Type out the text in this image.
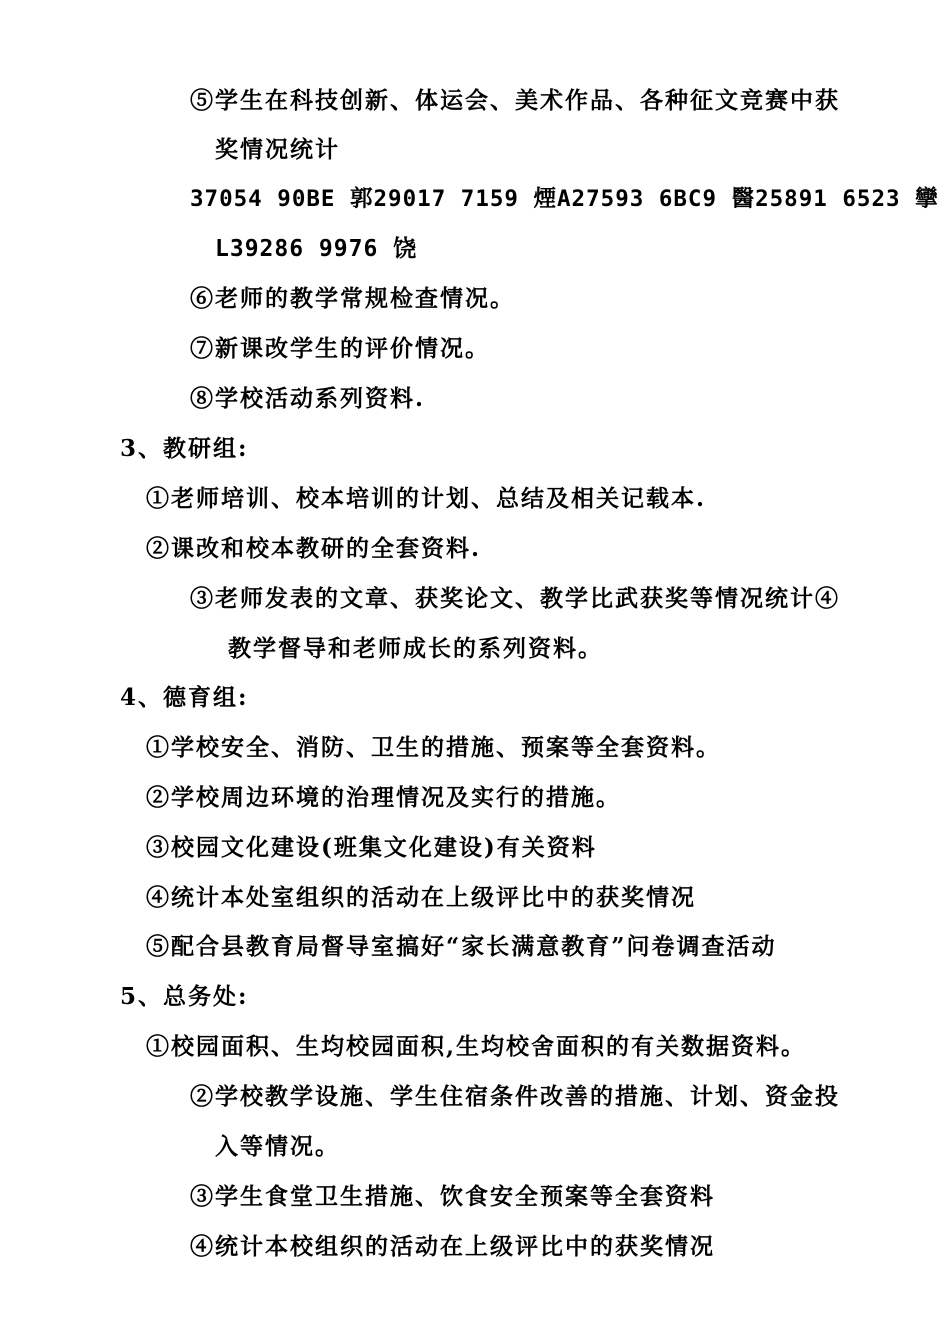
⑤学生在科技创新、体运会、美术作品、各种征文竞赛中获
奖情况统计
37054 90BE 郭29017 7159 煙A27593 6BC9 醫25891 6523 攣
L39286 9976 饶
⑥老师的教学常规检查情况。
⑦新课改学生的评价情况。
⑧学校活动系列资料.
3、教研组:
①老师培训、校本培训的计划、总结及相关记载本.
②课改和校本教研的全套资料.
③老师发表的文章、获奖论文、教学比武获奖等情况统计④
教学督导和老师成长的系列资料。
4、德育组:
①学校安全、消防、卫生的措施、预案等全套资料。
②学校周边环境的治理情况及实行的措施。
③校园文化建设(班集文化建设)有关资料
④统计本处室组织的活动在上级评比中的获奖情况
⑤配合县教育局督导室搞好“家长满意教育”问卷调查活动
5、总务处:
①校园面积、生均校园面积,生均校舍面积的有关数据资料。
②学校教学设施、学生住宿条件改善的措施、计划、资金投
入等情况。
③学生食堂卫生措施、饮食安全预案等全套资料
④统计本校组织的活动在上级评比中的获奖情况
